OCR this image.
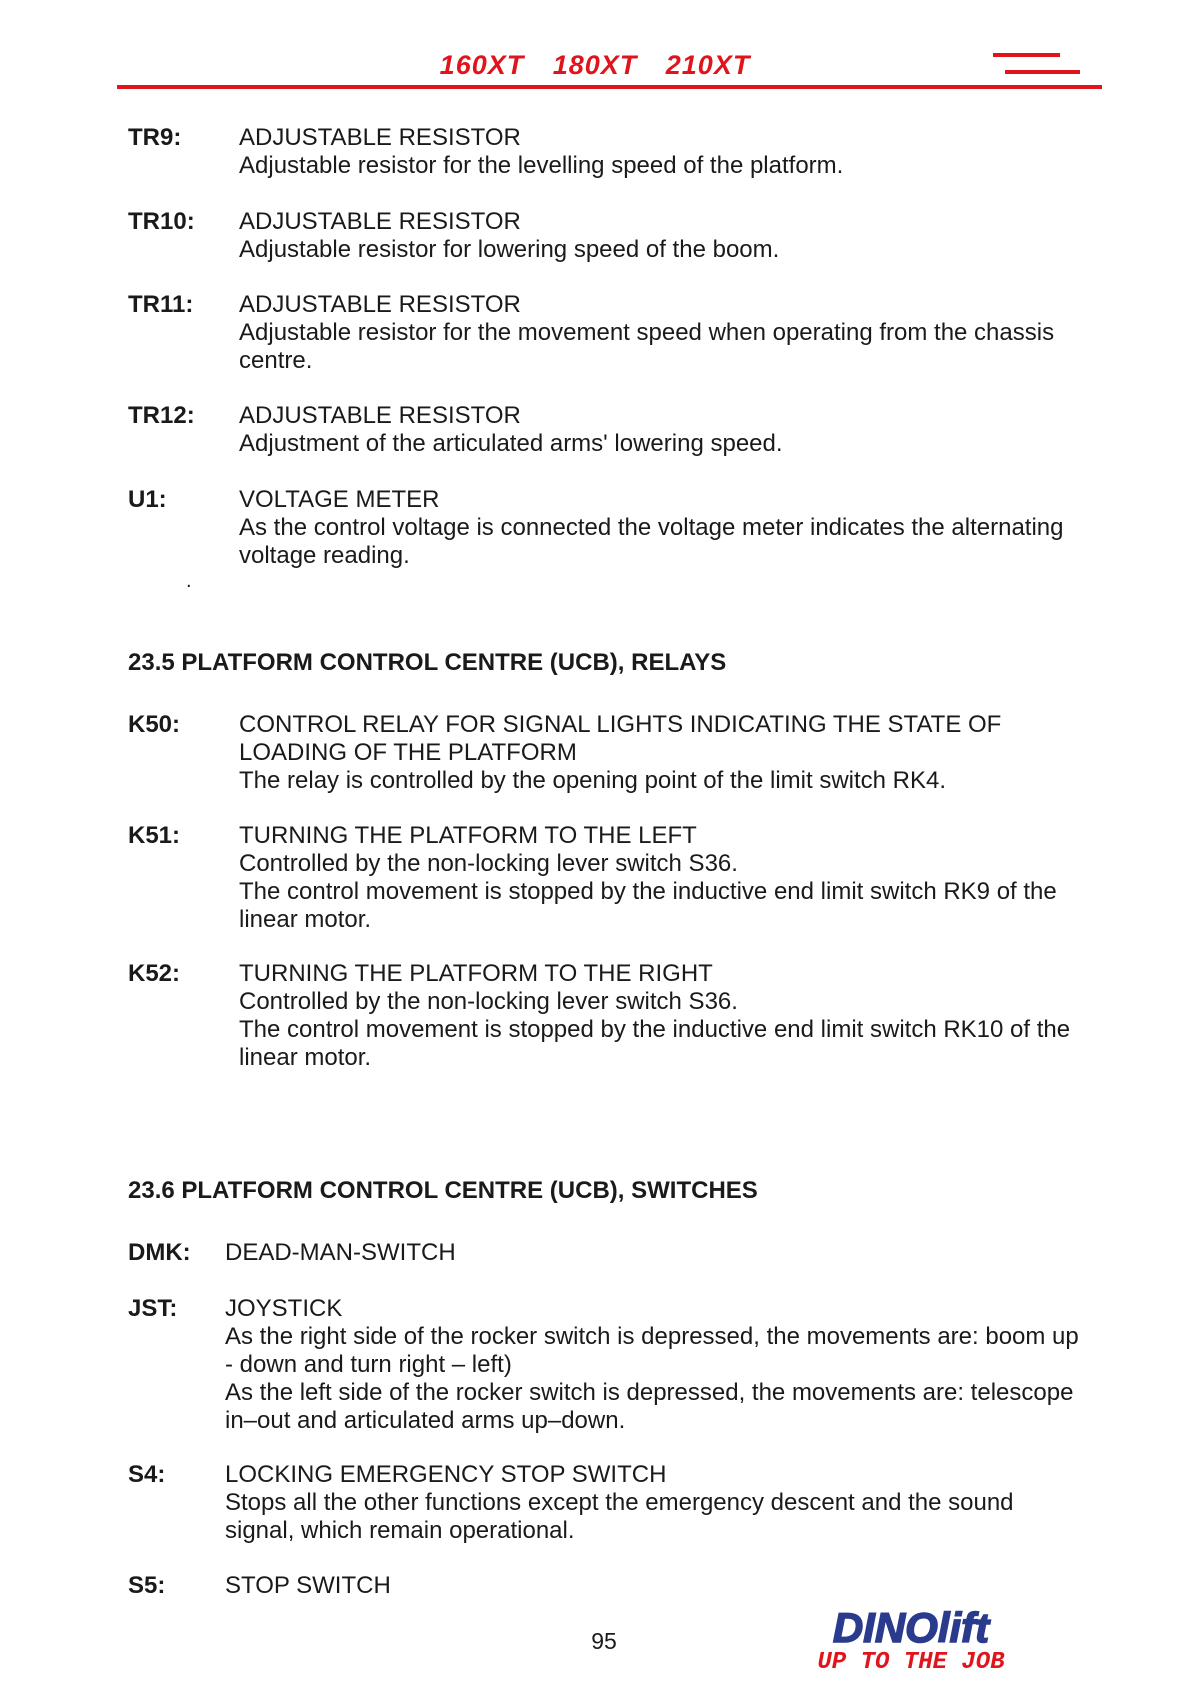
160XT 180XT 210XT
TR9: ADJUSTABLE RESISTOR
Adjustable resistor for the levelling speed of the platform.
TR10: ADJUSTABLE RESISTOR
Adjustable resistor for lowering speed of the boom.
TR11: ADJUSTABLE RESISTOR
Adjustable resistor for the movement speed when operating from the chassis
centre.
TR12: ADJUSTABLE RESISTOR
Adjustment of the articulated arms' lowering speed.
U1:	VOLTAGE METER
As the control voltage is connected the voltage meter indicates the alternating
voltage reading.
.
23.5 PLATFORM CONTROL CENTRE (UCB), RELAYS
K50: CONTROL RELAY FOR SIGNAL LIGHTS INDICATING THE STATE OF
LOADING OF THE PLATFORM
The relay is controlled by the opening point of the limit switch RK4.
K51: TURNING THE PLATFORM TO THE LEFT
Controlled by the non-locking lever switch S36.
The control movement is stopped by the inductive end limit switch RK9 of the
linear motor.
K52: TURNING THE PLATFORM TO THE RIGHT
Controlled by the non-locking lever switch S36.
The control movement is stopped by the inductive end limit switch RK10 of the
linear motor.
23.6 PLATFORM CONTROL CENTRE (UCB), SWITCHES
DMK: DEAD-MAN-SWITCH
JST: JOYSTICK
As the right side of the rocker switch is depressed, the movements are: boom up
- down and turn right – left)
As the left side of the rocker switch is depressed, the movements are: telescope
in–out and articulated arms up–down.
S4: LOCKING EMERGENCY STOP SWITCH
Stops all the other functions except the emergency descent and the sound
signal, which remain operational.
S5: STOP SWITCH
95	DINOlift
UP TO THE JOB
